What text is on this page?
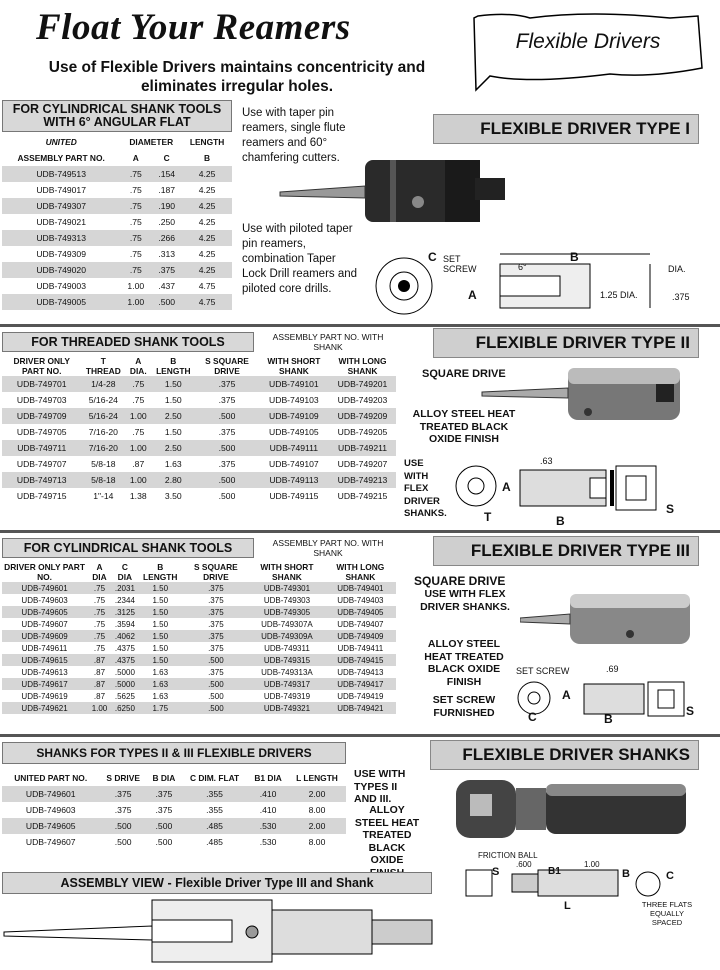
Float Your Reamers
Use of Flexible Drivers maintains concentricity and eliminates irregular holes.
Flexible Drivers
FOR CYLINDRICAL SHANK TOOLS WITH 6° ANGULAR FLAT
UNITED	DIAMETER		LENGTH
ASSEMBLY PART NO.	A	C	B
UDB-749513	.75	.154	4.25
UDB-749017	.75	.187	4.25
UDB-749307	.75	.190	4.25
UDB-749021	.75	.250	4.25
UDB-749313	.75	.266	4.25
UDB-749309	.75	.313	4.25
UDB-749020	.75	.375	4.25
UDB-749003	1.00	.437	4.75
UDB-749005	1.00	.500	4.75
Use with taper pin reamers, single flute reamers and 60° chamfering cutters.
Use with piloted taper pin reamers, combination Taper Lock Drill reamers and piloted core drills.
FLEXIBLE DRIVER TYPE I
C SET SCREW	6°
B
A
DIA.
1.25 DIA.	.375
FOR THREADED SHANK TOOLS	ASSEMBLY PART NO. WITH SHANK
DRIVER ONLY PART NO.	T THREAD	A DIA.	B LENGTH	S SQUARE DRIVE	WITH SHORT SHANK	WITH LONG SHANK
UDB-749701	1/4-28	.75	1.50	.375	UDB-749101	UDB-749201
UDB-749703	5/16-24	.75	1.50	.375	UDB-749103	UDB-749203
UDB-749709	5/16-24	1.00	2.50	.500	UDB-749109	UDB-749209
UDB-749705	7/16-20	.75	1.50	.375	UDB-749105	UDB-749205
UDB-749711	7/16-20	1.00	2.50	.500	UDB-749111	UDB-749211
UDB-749707	5/8-18	.87	1.63	.375	UDB-749107	UDB-749207
UDB-749713	5/8-18	1.00	2.80	.500	UDB-749113	UDB-749213
UDB-749715	1"-14	1.38	3.50	.500	UDB-749115	UDB-749215
FLEXIBLE DRIVER TYPE II
SQUARE DRIVE
ALLOY STEEL HEAT TREATED BLACK OXIDE FINISH
USE WITH FLEX DRIVER SHANKS.
.63
A
T	B
S
FOR CYLINDRICAL SHANK TOOLS	ASSEMBLY PART NO. WITH SHANK
DRIVER ONLY PART NO.	A DIA	C DIA	B LENGTH	S SQUARE DRIVE	WITH SHORT SHANK	WITH LONG SHANK
UDB-749601	.75	.2031	1.50	.375	UDB-749301	UDB-749401
UDB-749603	.75	.2344	1.50	.375	UDB-749303	UDB-749403
UDB-749605	.75	.3125	1.50	.375	UDB-749305	UDB-749405
UDB-749607	.75	.3594	1.50	.375	UDB-749307A	UDB-749407
UDB-749609	.75	.4062	1.50	.375	UDB-749309A	UDB-749409
UDB-749611	.75	.4375	1.50	.375	UDB-749311	UDB-749411
UDB-749615	.87	.4375	1.50	.500	UDB-749315	UDB-749415
UDB-749613	.87	.5000	1.63	.375	UDB-749313A	UDB-749413
UDB-749617	.87	.5000	1.63	.500	UDB-749317	UDB-749417
UDB-749619	.87	.5625	1.63	.500	UDB-749319	UDB-749419
UDB-749621	1.00	.6250	1.75	.500	UDB-749321	UDB-749421
FLEXIBLE DRIVER TYPE III
SQUARE DRIVE
USE WITH FLEX DRIVER SHANKS.
ALLOY STEEL HEAT TREATED BLACK OXIDE FINISH
SET SCREW FURNISHED
SET SCREW	.69
A
C	B
S
SHANKS FOR TYPES II & III FLEXIBLE DRIVERS
UNITED PART NO.	S DRIVE	B DIA	C DIM. FLAT	B1 DIA	L LENGTH
UDB-749601	.375	.375	.355	.410	2.00
UDB-749603	.375	.375	.355	.410	8.00
UDB-749605	.500	.500	.485	.530	2.00
UDB-749607	.500	.500	.485	.530	8.00
FLEXIBLE DRIVER SHANKS
USE WITH TYPES II AND III.
ALLOY STEEL HEAT TREATED BLACK OXIDE	FRICTION BALL
.600	1.00
S	B1	B	C
L	THREE FLATS EQUALLY SPACED
ASSEMBLY VIEW - Flexible Driver Type III and Shank
